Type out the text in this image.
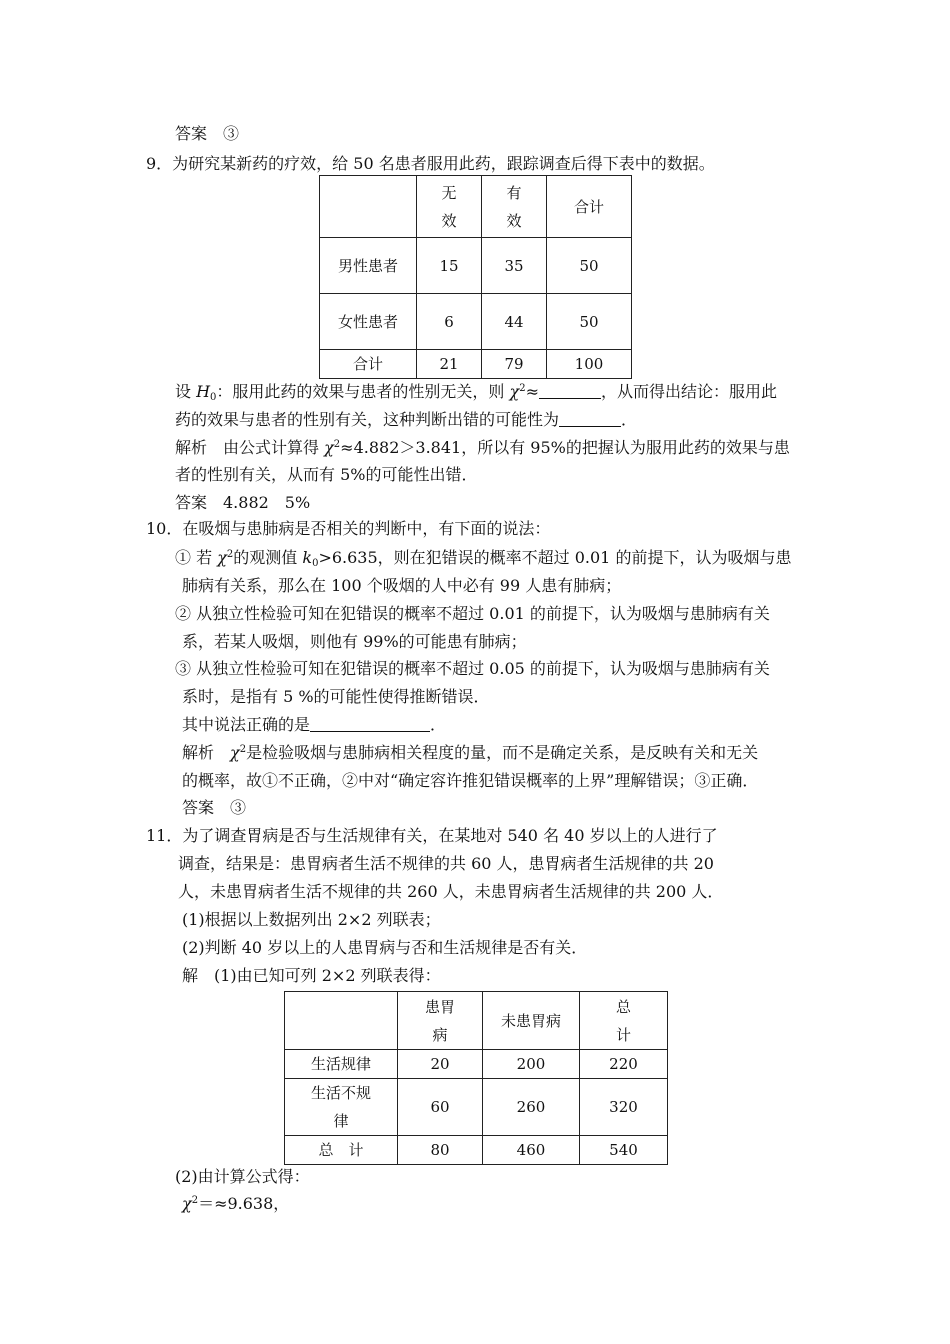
答案　③
9．为研究某新药的疗效，给 50 名患者服用此药，跟踪调查后得下表中的数据。
	无效	有效	合计
男性患者	15	35	50
女性患者	6	44	50
合计	21	79	100
设 $H_0$：服用此药的效果与患者的性别无关，则 $\chi^2\approx$	，从而得出结论：服用此
药的效果与患者的性别有关，这种判断出错的可能性为	．
解析　由公式计算得 $\chi^2\approx 4.882>3.841$，所以有 95%的把握认为服用此药的效果与患
者的性别有关，从而有 5%的可能性出错．
答案　4.882　5%
10．在吸烟与患肺病是否相关的判断中，有下面的说法：
① 若 $\chi^2$的观测值 $k_0>6.635$，则在犯错误的概率不超过 0.01 的前提下，认为吸烟与患
肺病有关系，那么在 100 个吸烟的人中必有 99 人患有肺病；
② 从独立性检验可知在犯错误的概率不超过 0.01 的前提下，认为吸烟与患肺病有关
系，若某人吸烟，则他有 99%的可能患有肺病；
③ 从独立性检验可知在犯错误的概率不超过 0.05 的前提下，认为吸烟与患肺病有关
系时，是指有 5 %的可能性使得推断错误．
其中说法正确的是	．
解析　$\chi^2$是检验吸烟与患肺病相关程度的量，而不是确定关系，是反映有关和无关
的概率，故①不正确，②中对“确定容许推犯错误概率的上界”理解错误；③正确．
答案　③
11．为了调查胃病是否与生活规律有关，在某地对 540 名 40 岁以上的人进行了
调查，结果是：患胃病者生活不规律的共 60 人，患胃病者生活规律的共 20
人，未患胃病者生活不规律的共 260 人，未患胃病者生活规律的共 200 人．
(1)根据以上数据列出 2×2 列联表；
(2)判断 40 岁以上的人患胃病与否和生活规律是否有关．
解　(1)由已知可列 2×2 列联表得：
	患胃病	未患胃病	总计
生活规律	20	200	220
生活不规律	60	260	320
总　计	80	460	540
(2)由计算公式得：
$\chi^2=\approx 9.638$，
